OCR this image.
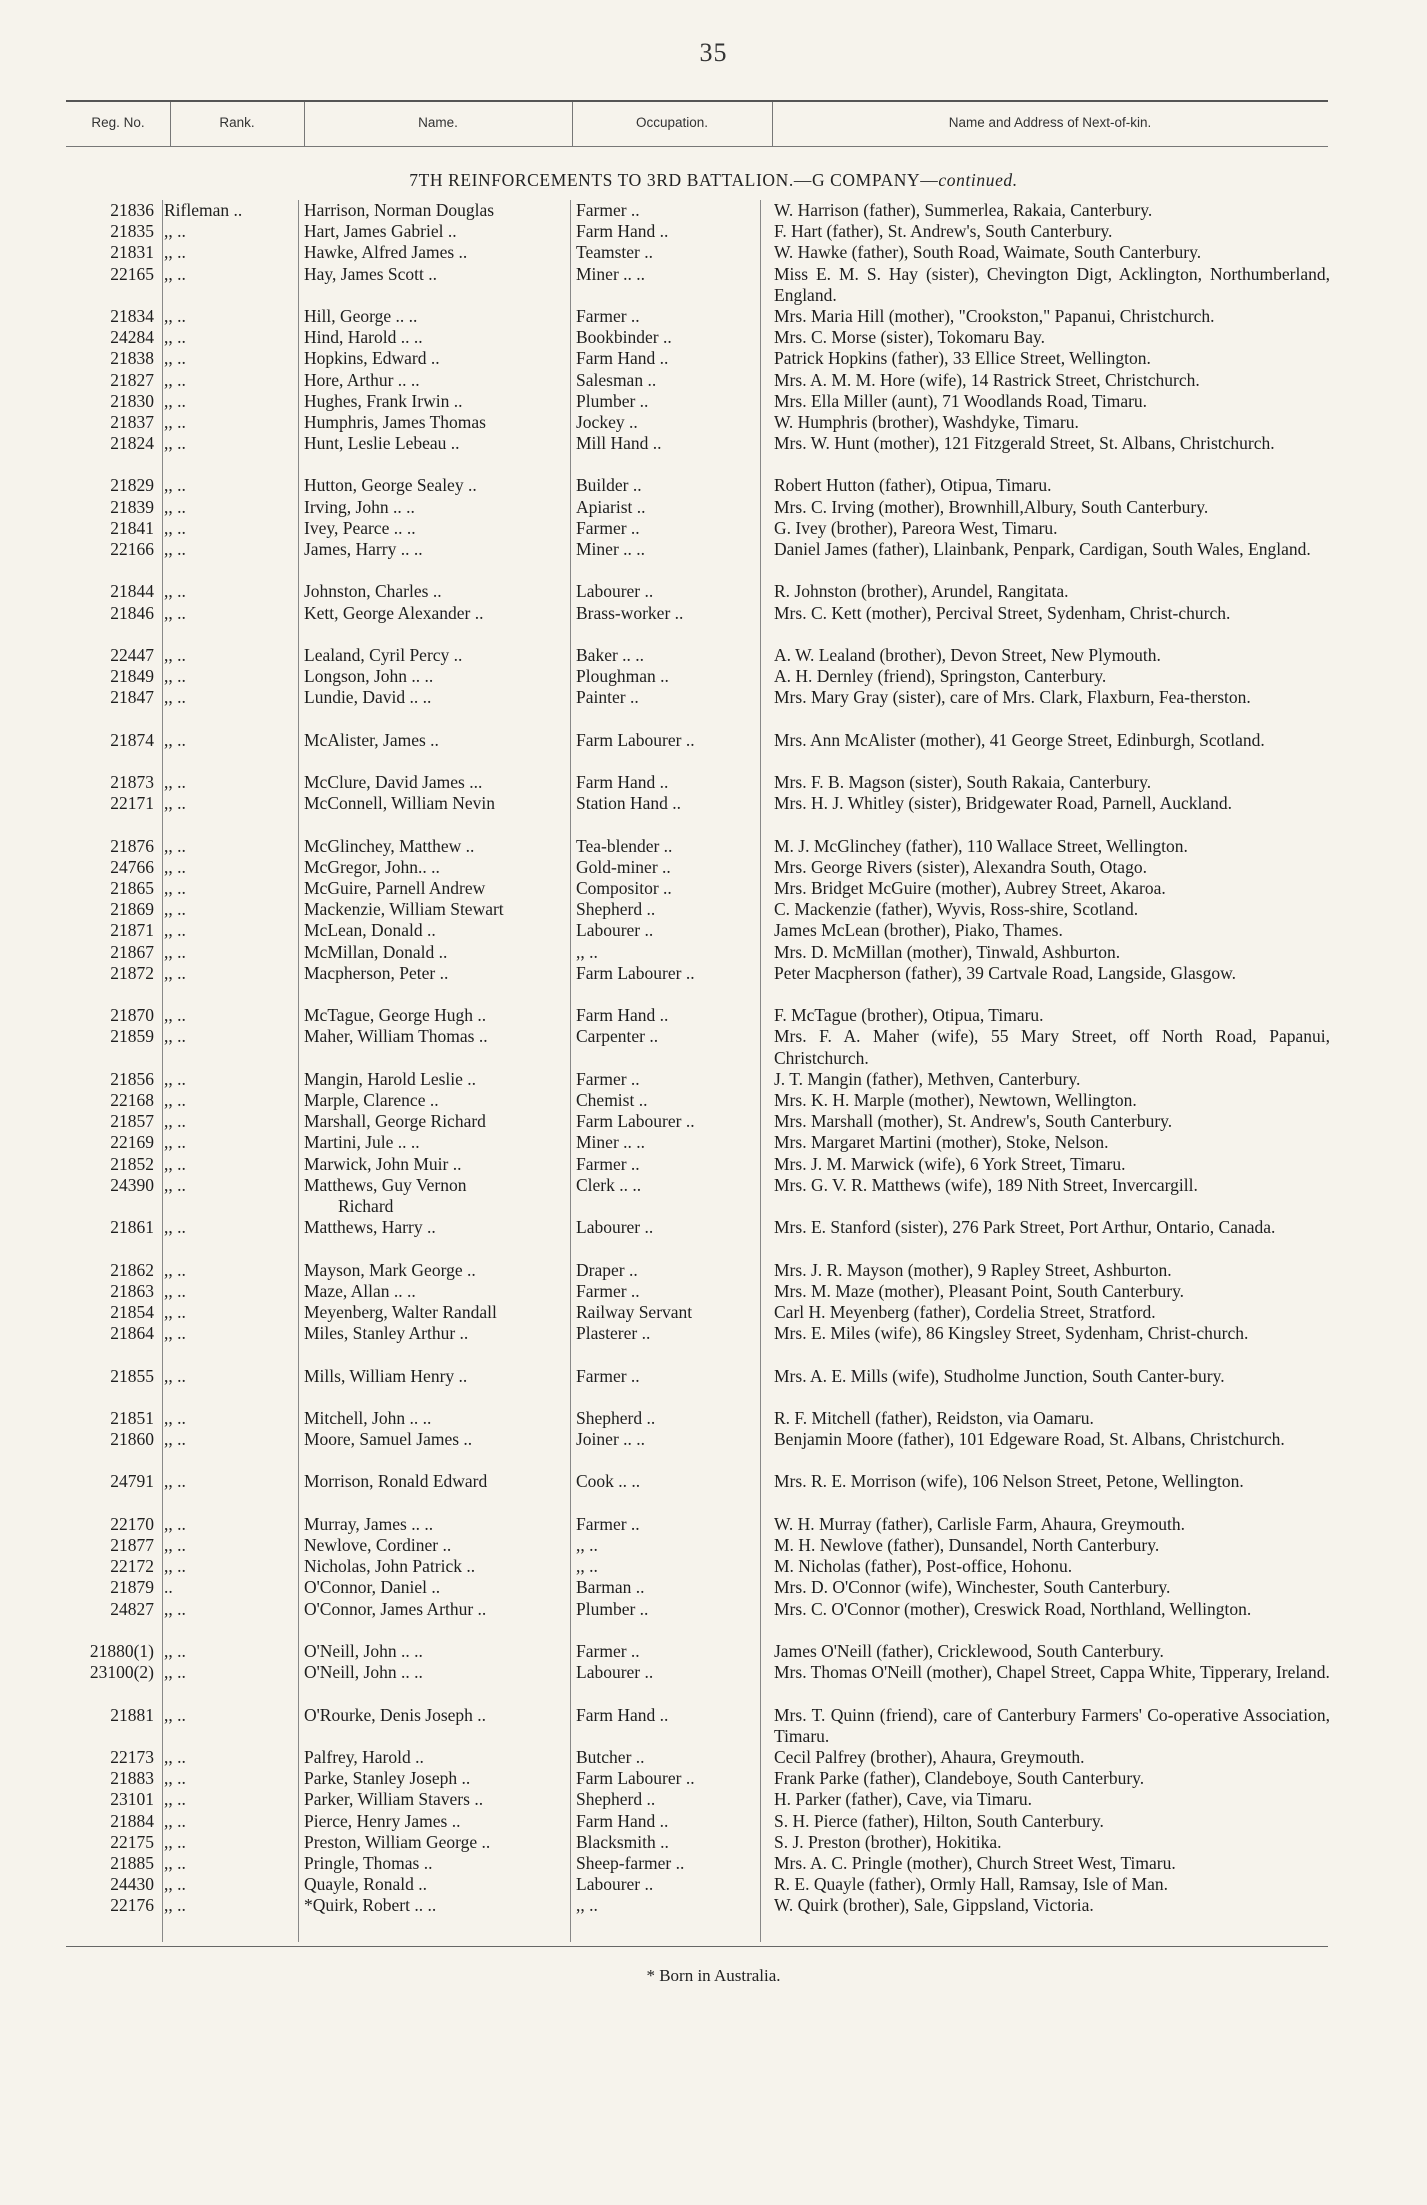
35
Reg. No.	Rank.	Name.	Occupation.	Name and Address of Next-of-kin.
7TH REINFORCEMENTS TO 3RD BATTALION.—G COMPANY—continued.
21836 Rifleman ..	Harrison, Norman Douglas	Farmer ..	W. Harrison (father), Summerlea, Rakaia, Canterbury.
21835 ,, ..	Hart, James Gabriel ..	Farm Hand ..	F. Hart (father), St. Andrew's, South Canterbury.
21831 ,, ..	Hawke, Alfred James ..	Teamster ..	W. Hawke (father), South Road, Waimate, South Canterbury.
22165 ,, ..	Hay, James Scott ..	Miner .. ..	Miss E. M. S. Hay (sister), Chevington Digt, Acklington, Northumberland, England.
21834 ,, ..	Hill, George .. ..	Farmer ..	Mrs. Maria Hill (mother), "Crookston," Papanui, Christchurch.
24284 ,, ..	Hind, Harold .. ..	Bookbinder ..	Mrs. C. Morse (sister), Tokomaru Bay.
21838 ,, ..	Hopkins, Edward ..	Farm Hand ..	Patrick Hopkins (father), 33 Ellice Street, Wellington.
21827 ,, ..	Hore, Arthur .. ..	Salesman ..	Mrs. A. M. M. Hore (wife), 14 Rastrick Street, Christchurch.
21830 ,, ..	Hughes, Frank Irwin ..	Plumber ..	Mrs. Ella Miller (aunt), 71 Woodlands Road, Timaru.
21837 ,, ..	Humphris, James Thomas	Jockey ..	W. Humphris (brother), Washdyke, Timaru.
21824 ,, ..	Hunt, Leslie Lebeau ..	Mill Hand ..	Mrs. W. Hunt (mother), 121 Fitzgerald Street, St. Albans, Christchurch.
21829 ,, ..	Hutton, George Sealey ..	Builder ..	Robert Hutton (father), Otipua, Timaru.
21839 ,, ..	Irving, John .. ..	Apiarist ..	Mrs. C. Irving (mother), Brownhill,Albury, South Canterbury.
21841 ,, ..	Ivey, Pearce .. ..	Farmer ..	G. Ivey (brother), Pareora West, Timaru.
22166 ,, ..	James, Harry .. ..	Miner .. ..	Daniel James (father), Llainbank, Penpark, Cardigan, South Wales, England.
21844 ,, ..	Johnston, Charles ..	Labourer ..	R. Johnston (brother), Arundel, Rangitata.
21846 ,, ..	Kett, George Alexander ..	Brass-worker ..	Mrs. C. Kett (mother), Percival Street, Sydenham, Christ-church.
22447 ,, ..	Lealand, Cyril Percy ..	Baker .. ..	A. W. Lealand (brother), Devon Street, New Plymouth.
21849 ,, ..	Longson, John .. ..	Ploughman ..	A. H. Dernley (friend), Springston, Canterbury.
21847 ,, ..	Lundie, David .. ..	Painter ..	Mrs. Mary Gray (sister), care of Mrs. Clark, Flaxburn, Fea-therston.
21874 ,, ..	McAlister, James ..	Farm Labourer ..	Mrs. Ann McAlister (mother), 41 George Street, Edinburgh, Scotland.
21873 ,, ..	McClure, David James ...	Farm Hand ..	Mrs. F. B. Magson (sister), South Rakaia, Canterbury.
22171 ,, ..	McConnell, William Nevin	Station Hand ..	Mrs. H. J. Whitley (sister), Bridgewater Road, Parnell, Auckland.
21876 ,, ..	McGlinchey, Matthew ..	Tea-blender ..	M. J. McGlinchey (father), 110 Wallace Street, Wellington.
24766 ,, ..	McGregor, John.. ..	Gold-miner ..	Mrs. George Rivers (sister), Alexandra South, Otago.
21865 ,, ..	McGuire, Parnell Andrew	Compositor ..	Mrs. Bridget McGuire (mother), Aubrey Street, Akaroa.
21869 ,, ..	Mackenzie, William Stewart	Shepherd ..	C. Mackenzie (father), Wyvis, Ross-shire, Scotland.
21871 ,, ..	McLean, Donald ..	Labourer ..	James McLean (brother), Piako, Thames.
21867 ,, ..	McMillan, Donald ..	,, ..	Mrs. D. McMillan (mother), Tinwald, Ashburton.
21872 ,, ..	Macpherson, Peter ..	Farm Labourer ..	Peter Macpherson (father), 39 Cartvale Road, Langside, Glasgow.
21870 ,, ..	McTague, George Hugh ..	Farm Hand ..	F. McTague (brother), Otipua, Timaru.
21859 ,, ..	Maher, William Thomas ..	Carpenter ..	Mrs. F. A. Maher (wife), 55 Mary Street, off North Road, Papanui, Christchurch.
21856 ,, ..	Mangin, Harold Leslie ..	Farmer ..	J. T. Mangin (father), Methven, Canterbury.
22168 ,, ..	Marple, Clarence ..	Chemist ..	Mrs. K. H. Marple (mother), Newtown, Wellington.
21857 ,, ..	Marshall, George Richard	Farm Labourer ..	Mrs. Marshall (mother), St. Andrew's, South Canterbury.
22169 ,, ..	Martini, Jule .. ..	Miner .. ..	Mrs. Margaret Martini (mother), Stoke, Nelson.
21852 ,, ..	Marwick, John Muir ..	Farmer ..	Mrs. J. M. Marwick (wife), 6 York Street, Timaru.
24390 ,, ..	Matthews, Guy Vernon	Clerk .. ..	Mrs. G. V. R. Matthews (wife), 189 Nith Street, Invercargill.
Richard
21861 ,, ..	Matthews, Harry ..	Labourer ..	Mrs. E. Stanford (sister), 276 Park Street, Port Arthur, Ontario, Canada.
21862 ,, ..	Mayson, Mark George ..	Draper ..	Mrs. J. R. Mayson (mother), 9 Rapley Street, Ashburton.
21863 ,, ..	Maze, Allan .. ..	Farmer ..	Mrs. M. Maze (mother), Pleasant Point, South Canterbury.
21854 ,, ..	Meyenberg, Walter Randall	Railway Servant	Carl H. Meyenberg (father), Cordelia Street, Stratford.
21864 ,, ..	Miles, Stanley Arthur ..	Plasterer ..	Mrs. E. Miles (wife), 86 Kingsley Street, Sydenham, Christ-church.
21855 ,, ..	Mills, William Henry ..	Farmer ..	Mrs. A. E. Mills (wife), Studholme Junction, South Canter-bury.
21851 ,, ..	Mitchell, John .. ..	Shepherd ..	R. F. Mitchell (father), Reidston, via Oamaru.
21860 ,, ..	Moore, Samuel James ..	Joiner .. ..	Benjamin Moore (father), 101 Edgeware Road, St. Albans, Christchurch.
24791 ,, ..	Morrison, Ronald Edward	Cook .. ..	Mrs. R. E. Morrison (wife), 106 Nelson Street, Petone, Wellington.
22170 ,, ..	Murray, James .. ..	Farmer ..	W. H. Murray (father), Carlisle Farm, Ahaura, Greymouth.
21877 ,, ..	Newlove, Cordiner ..	,, ..	M. H. Newlove (father), Dunsandel, North Canterbury.
22172 ,, ..	Nicholas, John Patrick ..	,, ..	M. Nicholas (father), Post-office, Hohonu.
21879 ..	O'Connor, Daniel ..	Barman ..	Mrs. D. O'Connor (wife), Winchester, South Canterbury.
24827 ,, ..	O'Connor, James Arthur ..	Plumber ..	Mrs. C. O'Connor (mother), Creswick Road, Northland, Wellington.
21880(1) ,, ..	O'Neill, John .. ..	Farmer ..	James O'Neill (father), Cricklewood, South Canterbury.
23100(2) ,, ..	O'Neill, John .. ..	Labourer ..	Mrs. Thomas O'Neill (mother), Chapel Street, Cappa White, Tipperary, Ireland.
21881 ,, ..	O'Rourke, Denis Joseph ..	Farm Hand ..	Mrs. T. Quinn (friend), care of Canterbury Farmers' Co-operative Association, Timaru.
22173 ,, ..	Palfrey, Harold ..	Butcher ..	Cecil Palfrey (brother), Ahaura, Greymouth.
21883 ,, ..	Parke, Stanley Joseph ..	Farm Labourer ..	Frank Parke (father), Clandeboye, South Canterbury.
23101 ,, ..	Parker, William Stavers ..	Shepherd ..	H. Parker (father), Cave, via Timaru.
21884 ,, ..	Pierce, Henry James ..	Farm Hand ..	S. H. Pierce (father), Hilton, South Canterbury.
22175 ,, ..	Preston, William George ..	Blacksmith ..	S. J. Preston (brother), Hokitika.
21885 ,, ..	Pringle, Thomas ..	Sheep-farmer ..	Mrs. A. C. Pringle (mother), Church Street West, Timaru.
24430 ,, ..	Quayle, Ronald ..	Labourer ..	R. E. Quayle (father), Ormly Hall, Ramsay, Isle of Man.
22176 ,, ..	*Quirk, Robert .. ..	,, ..	W. Quirk (brother), Sale, Gippsland, Victoria.
* Born in Australia.
